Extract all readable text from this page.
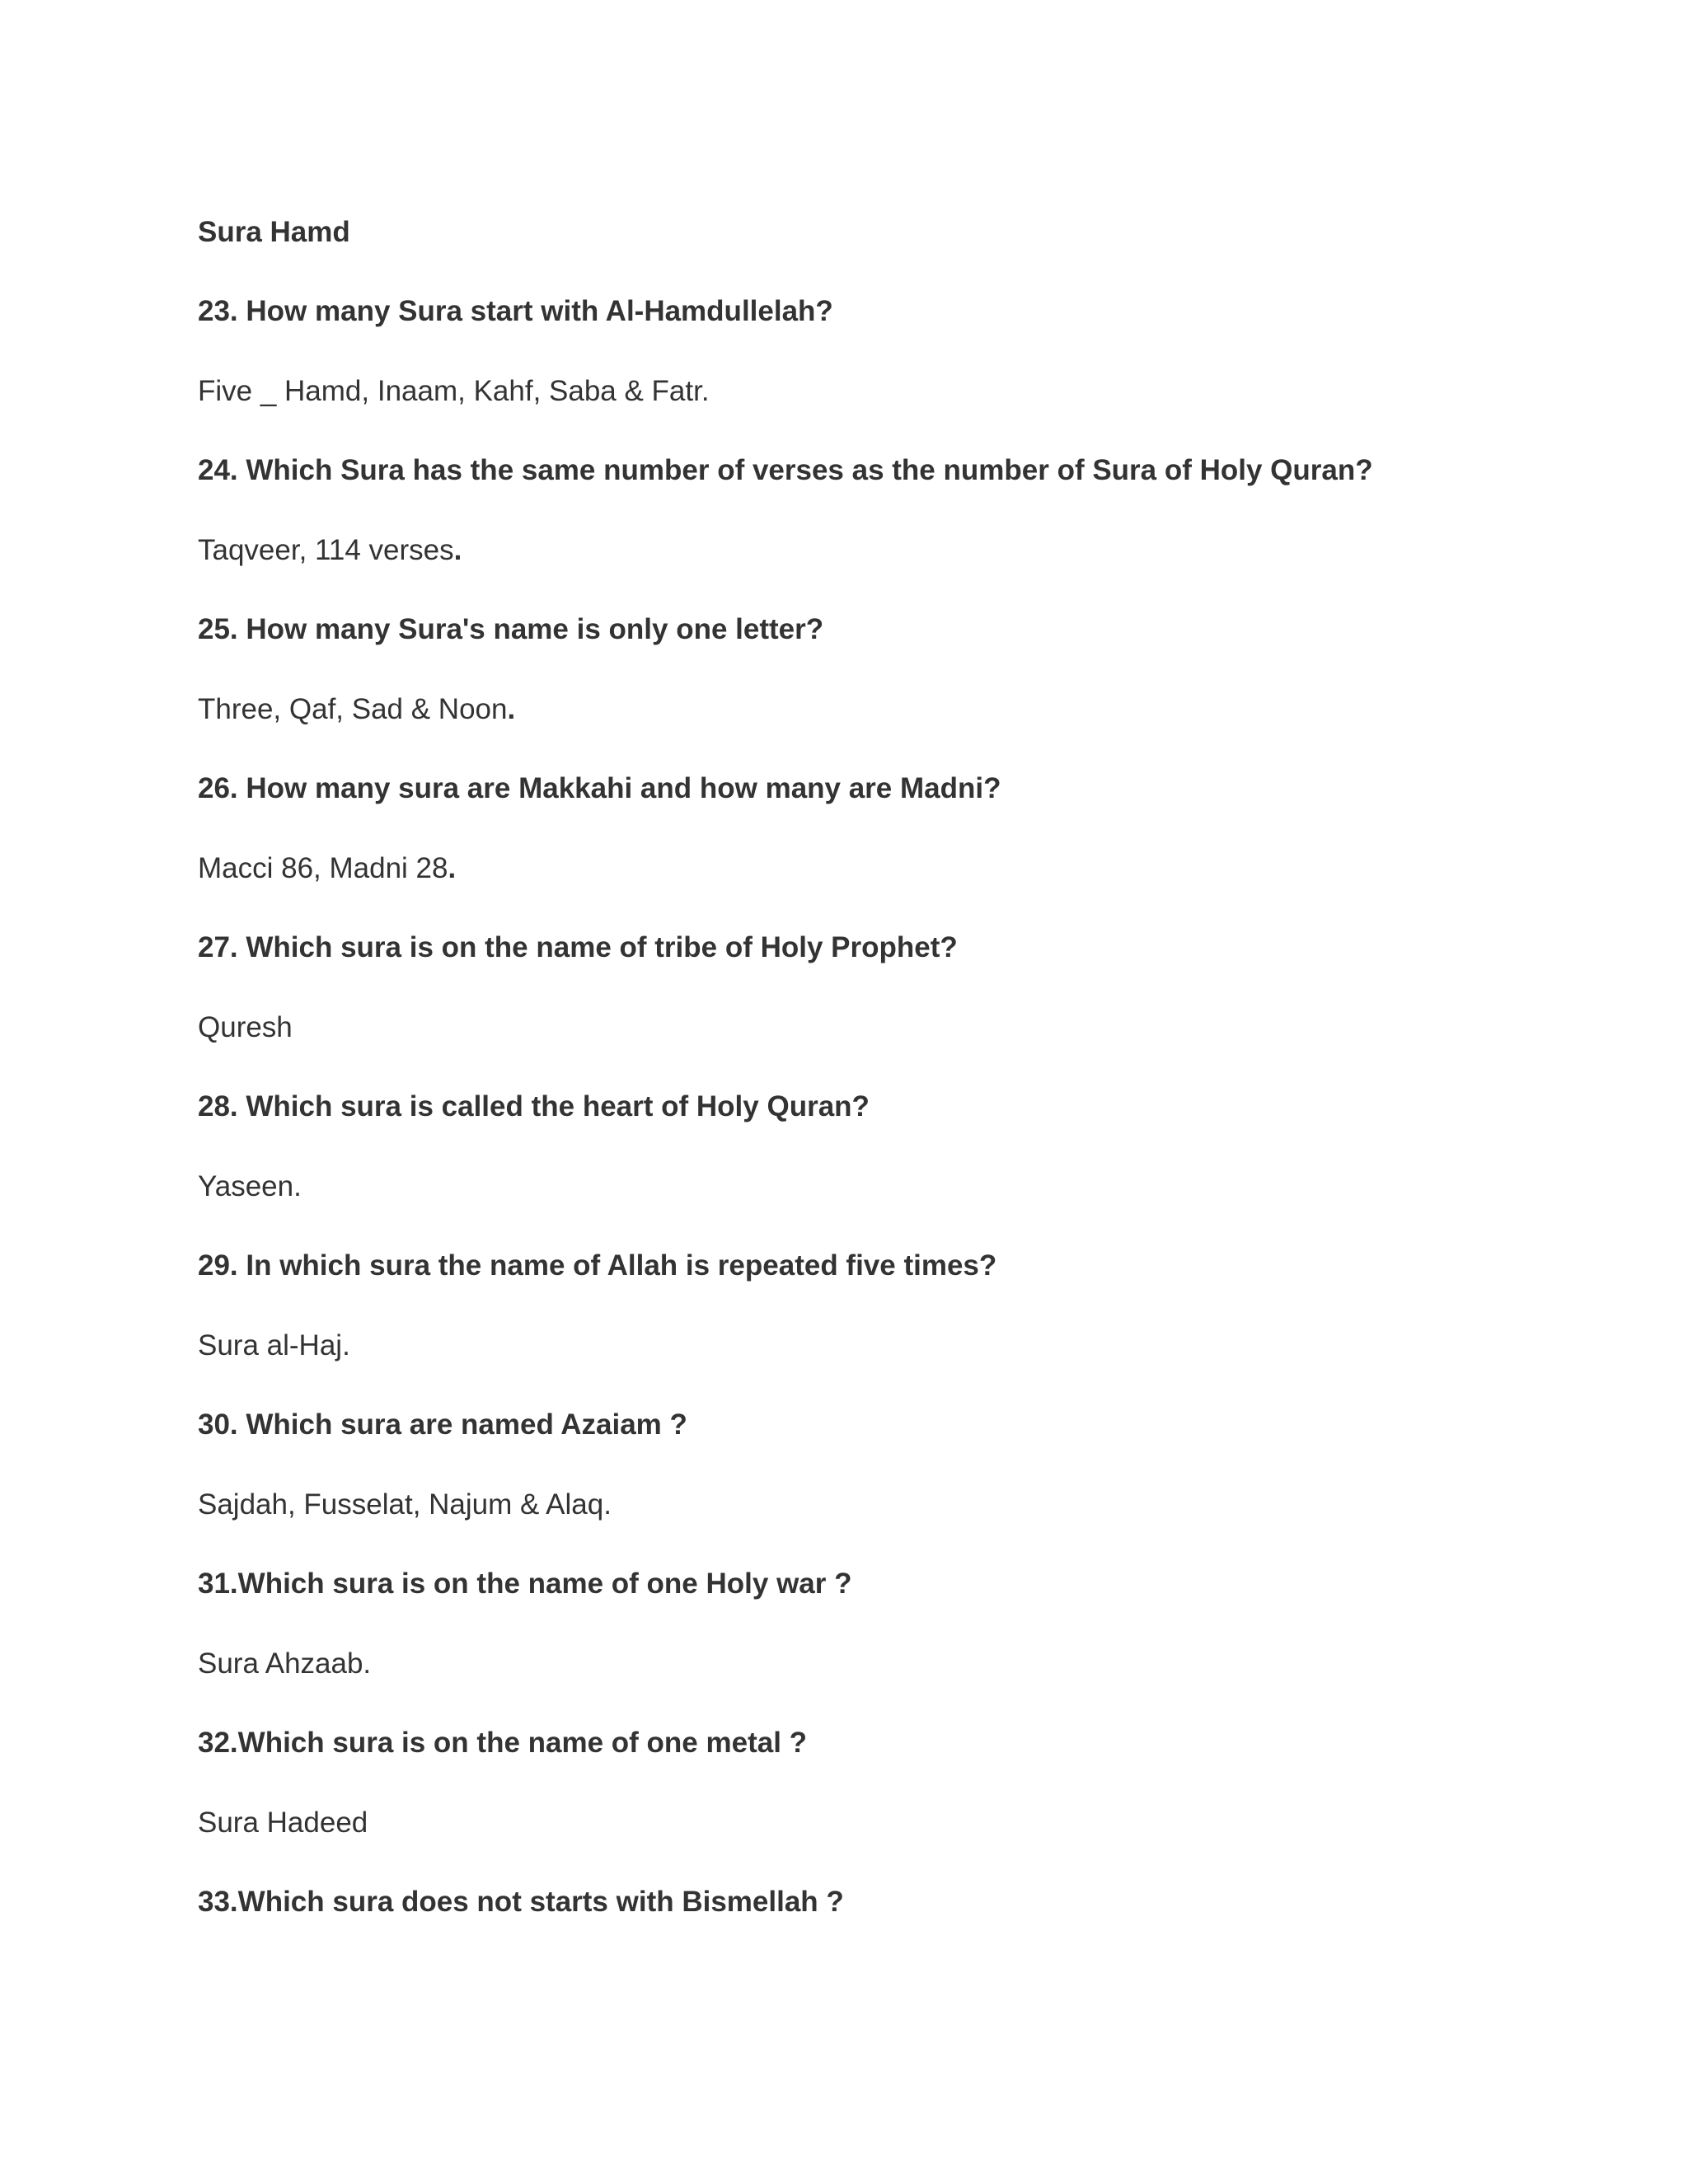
Sura Hamd
23. How many Sura start with Al-Hamdullelah?
Five _ Hamd, Inaam, Kahf, Saba & Fatr.
24. Which Sura has the same number of verses as the number of Sura of Holy Quran?
Taqveer, 114 verses.
25. How many Sura's name is only one letter?
Three, Qaf, Sad & Noon.
26. How many sura are Makkahi and how many are Madni?
Macci 86, Madni 28.
27. Which sura is on the name of tribe of Holy Prophet?
Quresh
28. Which sura is called the heart of Holy Quran?
Yaseen.
29. In which sura the name of Allah is repeated five times?
Sura al-Haj.
30. Which sura are named Azaiam ?
Sajdah, Fusselat, Najum & Alaq.
31.Which sura is on the name of one Holy war ?
Sura Ahzaab.
32.Which sura is on the name of one metal ?
Sura Hadeed
33.Which sura does not starts with Bismellah ?
